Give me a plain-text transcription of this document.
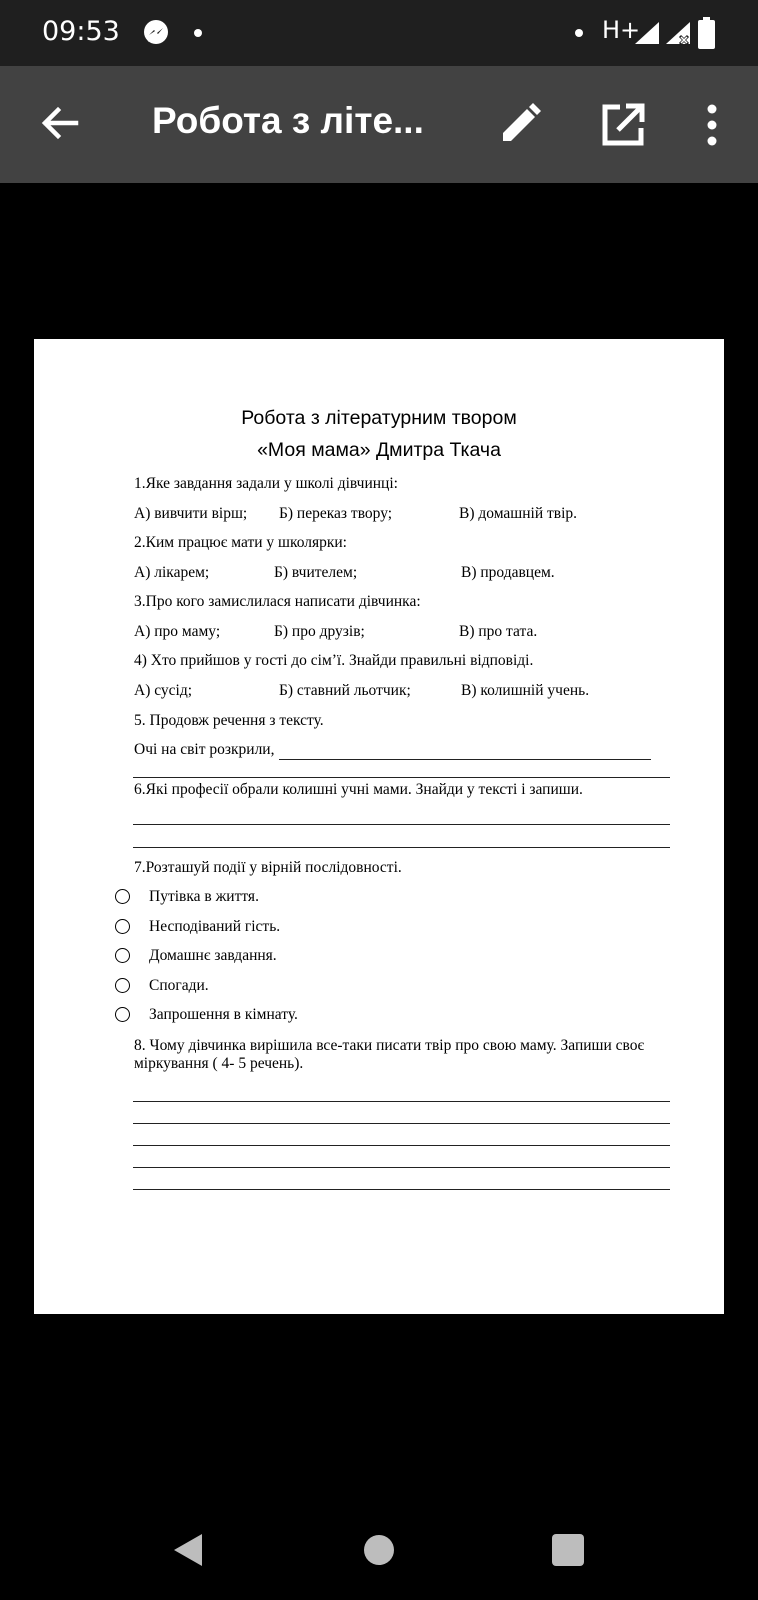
09:53	H+
Робота з літе...
Робота з літературним твором
«Моя мама» Дмитра Ткача
1.Яке завдання задали у школі дівчинці:
А) вивчити вірш; Б) переказ твору;	В) домашній твір.
2.Ким працює мати у школярки:
А) лікарем;	Б) вчителем;	В) продавцем.
3.Про кого замислилася написати дівчинка:
А) про маму;	Б) про друзів;	В) про тата.
4) Хто прийшов у гості до сім’ї. Знайди правильні відповіді.
А) сусід;	Б) ставний льотчик;	В) колишній учень.
5. Продовж речення з тексту.
Очі на світ розкрили,
6.Які професії обрали колишні учні мами. Знайди у тексті і запиши.
7.Розташуй події у вірній послідовності.
Путівка в життя.
Несподіваний гість.
Домашнє завдання.
Спогади.
Запрошення в кімнату.
8. Чому дівчинка вирішила все-таки писати твір про свою маму. Запиши своє
міркування ( 4- 5 речень).
